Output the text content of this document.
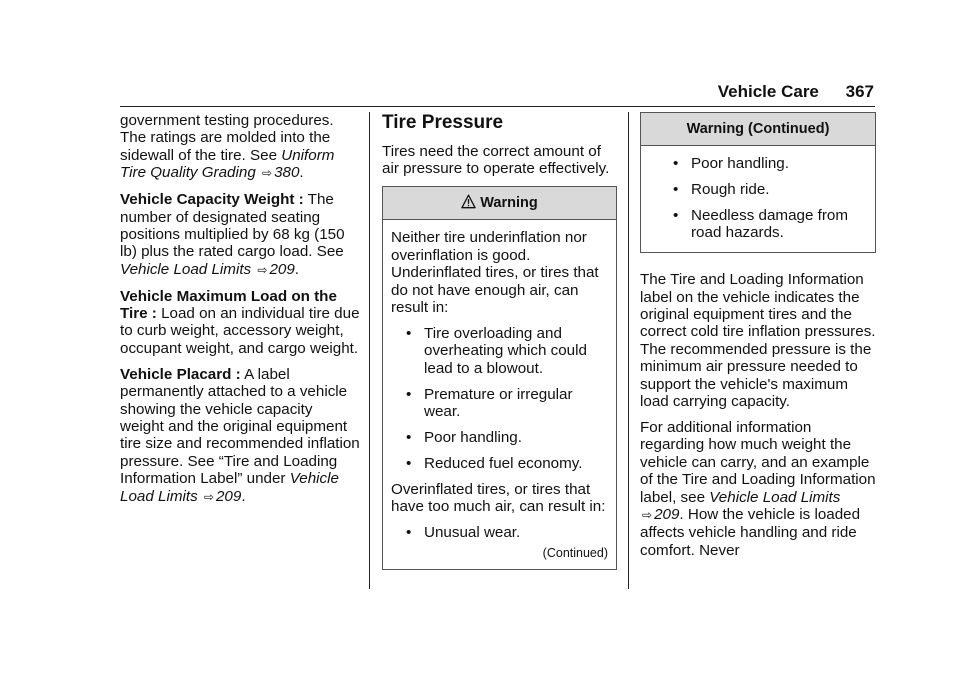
Vehicle Care 367

government testing procedures. The ratings are molded into the sidewall of the tire. See Uniform Tire Quality Grading ⇨ 380.

Vehicle Capacity Weight : The number of designated seating positions multiplied by 68 kg (150 lb) plus the rated cargo load. See Vehicle Load Limits ⇨ 209.

Vehicle Maximum Load on the Tire : Load on an individual tire due to curb weight, accessory weight, occupant weight, and cargo weight.

Vehicle Placard : A label permanently attached to a vehicle showing the vehicle capacity weight and the original equipment tire size and recommended inflation pressure. See “Tire and Loading Information Label” under Vehicle Load Limits ⇨ 209.

Tire Pressure

Tires need the correct amount of air pressure to operate effectively.

Warning

Neither tire underinflation nor overinflation is good. Underinflated tires, or tires that do not have enough air, can result in:

• Tire overloading and overheating which could lead to a blowout.
• Premature or irregular wear.
• Poor handling.
• Reduced fuel economy.

Overinflated tires, or tires that have too much air, can result in:

• Unusual wear.
(Continued)
Warning (Continued)
• Poor handling.
• Rough ride.
• Needless damage from road hazards.

The Tire and Loading Information label on the vehicle indicates the original equipment tires and the correct cold tire inflation pressures. The recommended pressure is the minimum air pressure needed to support the vehicle's maximum load carrying capacity.

For additional information regarding how much weight the vehicle can carry, and an example of the Tire and Loading Information label, see Vehicle Load Limits ⇨ 209. How the vehicle is loaded affects vehicle handling and ride comfort. Never
